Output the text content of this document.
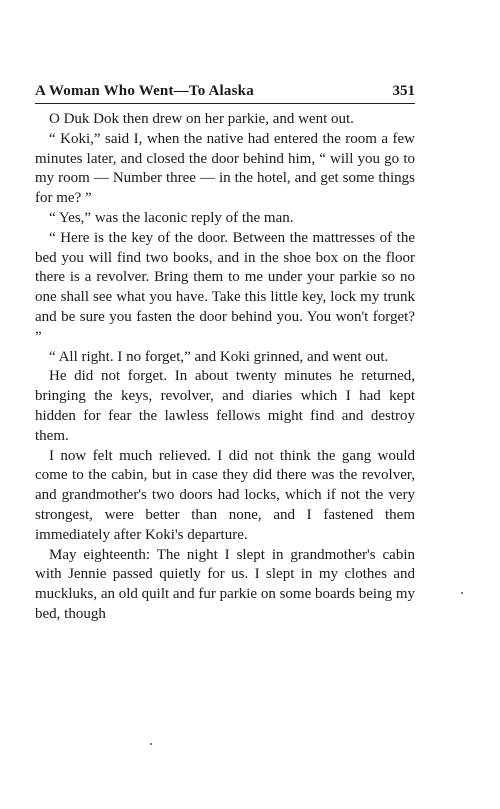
A Woman Who Went—To Alaska	351

O Duk Dok then drew on her parkie, and went out.

“ Koki,” said I, when the native had entered the room a few minutes later, and closed the door behind him, “ will you go to my room — Number three — in the hotel, and get some things for me? ”

“ Yes,” was the laconic reply of the man.

“ Here is the key of the door. Between the mattresses of the bed you will find two books, and in the shoe box on the floor there is a revolver. Bring them to me under your parkie so no one shall see what you have. Take this little key, lock my trunk and be sure you fasten the door behind you. You won't forget? ”

“ All right. I no forget,” and Koki grinned, and went out.

He did not forget. In about twenty minutes he returned, bringing the keys, revolver, and diaries which I had kept hidden for fear the lawless fellows might find and destroy them.

I now felt much relieved. I did not think the gang would come to the cabin, but in case they did there was the revolver, and grandmother's two doors had locks, which if not the very strongest, were better than none, and I fastened them immediately after Koki's departure.

May eighteenth: The night I slept in grandmother's cabin with Jennie passed quietly for us. I slept in my clothes and muckluks, an old quilt and fur parkie on some boards being my bed, though
